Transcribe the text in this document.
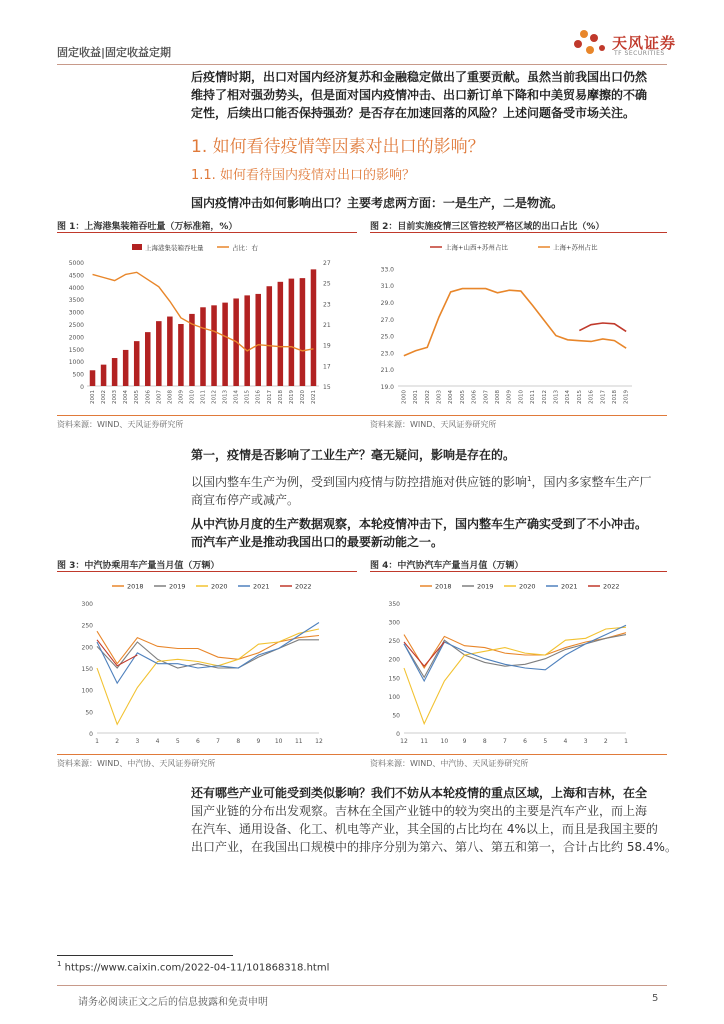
固定收益|固定收益定期
天风证券
TF SECURITIES
后疫情时期，出口对国内经济复苏和金融稳定做出了重要贡献。虽然当前我国出口仍然
维持了相对强劲势头，但是面对国内疫情冲击、出口新订单下降和中美贸易摩擦的不确
定性，后续出口能否保持强劲？是否存在加速回落的风险？上述问题备受市场关注。
1. 如何看待疫情等因素对出口的影响？
1.1. 如何看待国内疫情对出口的影响？
国内疫情冲击如何影响出口？主要考虑两方面：一是生产，二是物流。
图 1：上海港集装箱吞吐量（万标准箱，%）
0
500
1000
1500
2000
2500
3000
3500
4000
4500
5000
15
17
19
21
23
25
27
2001 2002 2003 2004 2005 2006 2007 2008 2009 2010 2011 2012 2013 2014 2015 2016 2017 2018 2019 2020 2021
上海港集装箱吞吐量	占比：右
资料来源：WIND、天风证券研究所
图 2：目前实施疫情三区管控较严格区域的出口占比（%）
19.0
21.0
23.0
25.0
27.0
29.0
31.0
33.0
2000 2001 2002 2003 2004 2005 2006 2007 2008 2009 2010 2011 2012 2013 2014 2015 2016 2017 2018 2019
上海+山西+苏州占比	上海+苏州占比
资料来源：WIND、天风证券研究所
第一，疫情是否影响了工业生产？毫无疑问，影响是存在的。
以国内整车生产为例，受到国内疫情与防控措施对供应链的影响$^1$，国内多家整车生产厂
商宣布停产或减产。
从中汽协月度的生产数据观察，本轮疫情冲击下，国内整车生产确实受到了不小冲击。
而汽车产业是推动我国出口的最要新动能之一。
图 3：中汽协乘用车产量当月值（万辆）
0
50
100
150
200
250
300
1	2	3	4	5	6	7	8	9 10 11 12
2018	2019	2020	2021	2022
资料来源：WIND、中汽协、天风证券研究所
图 4：中汽协汽车产量当月值（万辆）
0
50
100
150
200
250
300
350
12 11 10 9	8	7	6	5	4	3	2	1
2018	2019	2020	2021	2022
资料来源：WIND、中汽协、天风证券研究所
还有哪些产业可能受到类似影响？我们不妨从本轮疫情的重点区域，上海和吉林，在全
国产业链的分布出发观察。吉林在全国产业链中的较为突出的主要是汽车产业，而上海
在汽车、通用设备、化工、机电等产业，其全国的占比均在 4%以上，而且是我国主要的
出口产业，在我国出口规模中的排序分别为第六、第八、第五和第一，合计占比约 58.4%。
$^1$ https://www.caixin.com/2022-04-11/101868318.html
请务必阅读正文之后的信息披露和免责申明	5
